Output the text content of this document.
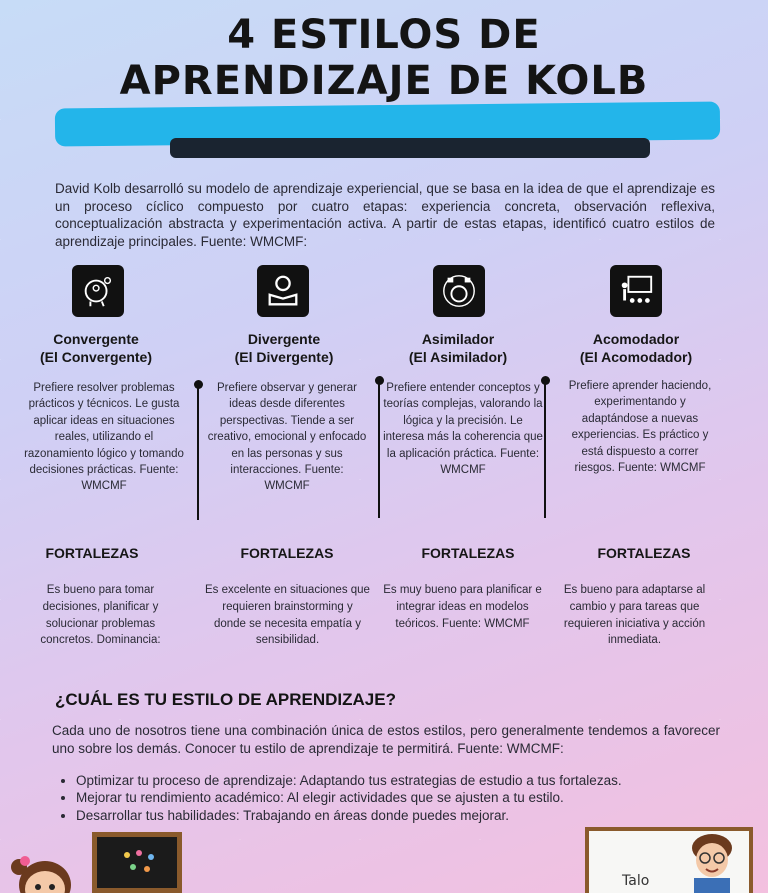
4 ESTILOS DE
APRENDIZAJE DE KOLB
David Kolb desarrolló su modelo de aprendizaje experiencial, que se basa en la idea de que el aprendizaje es un proceso cíclico compuesto por cuatro etapas: experiencia concreta, observación reflexiva, conceptualización abstracta y experimentación activa. A partir de estas etapas, identificó cuatro estilos de aprendizaje principales. Fuente: WMCMF:
Convergente
(El Convergente)
Divergente
(El Divergente)
Asimilador
(El Asimilador)
Acomodador
(El Acomodador)
Prefiere resolver problemas prácticos y técnicos. Le gusta aplicar ideas en situaciones reales, utilizando el razonamiento lógico y tomando decisiones prácticas. Fuente: WMCMF
Prefiere observar y generar ideas desde diferentes perspectivas. Tiende a ser creativo, emocional y enfocado en las personas y sus interacciones. Fuente: WMCMF
Prefiere entender conceptos y teorías complejas, valorando la lógica y la precisión. Le interesa más la coherencia que la aplicación práctica. Fuente: WMCMF
Prefiere aprender haciendo, experimentando y adaptándose a nuevas experiencias. Es práctico y está dispuesto a correr riesgos. Fuente: WMCMF
FORTALEZAS	FORTALEZAS	FORTALEZAS	FORTALEZAS
Es bueno para tomar decisiones, planificar y solucionar problemas concretos. Dominancia:
Es excelente en situaciones que requieren brainstorming y donde se necesita empatía y sensibilidad.
Es muy bueno para planificar e integrar ideas en modelos teóricos. Fuente: WMCMF
Es bueno para adaptarse al cambio y para tareas que requieren iniciativa y acción inmediata.
¿CUÁL ES TU ESTILO DE APRENDIZAJE?
Cada uno de nosotros tiene una combinación única de estos estilos, pero generalmente tendemos a favorecer uno sobre los demás. Conocer tu estilo de aprendizaje te permitirá. Fuente: WMCMF:
• Optimizar tu proceso de aprendizaje: Adaptando tus estrategias de estudio a tus fortalezas.
• Mejorar tu rendimiento académico: Al elegir actividades que se ajusten a tu estilo.
• Desarrollar tus habilidades: Trabajando en áreas donde puedes mejorar.
Talo
